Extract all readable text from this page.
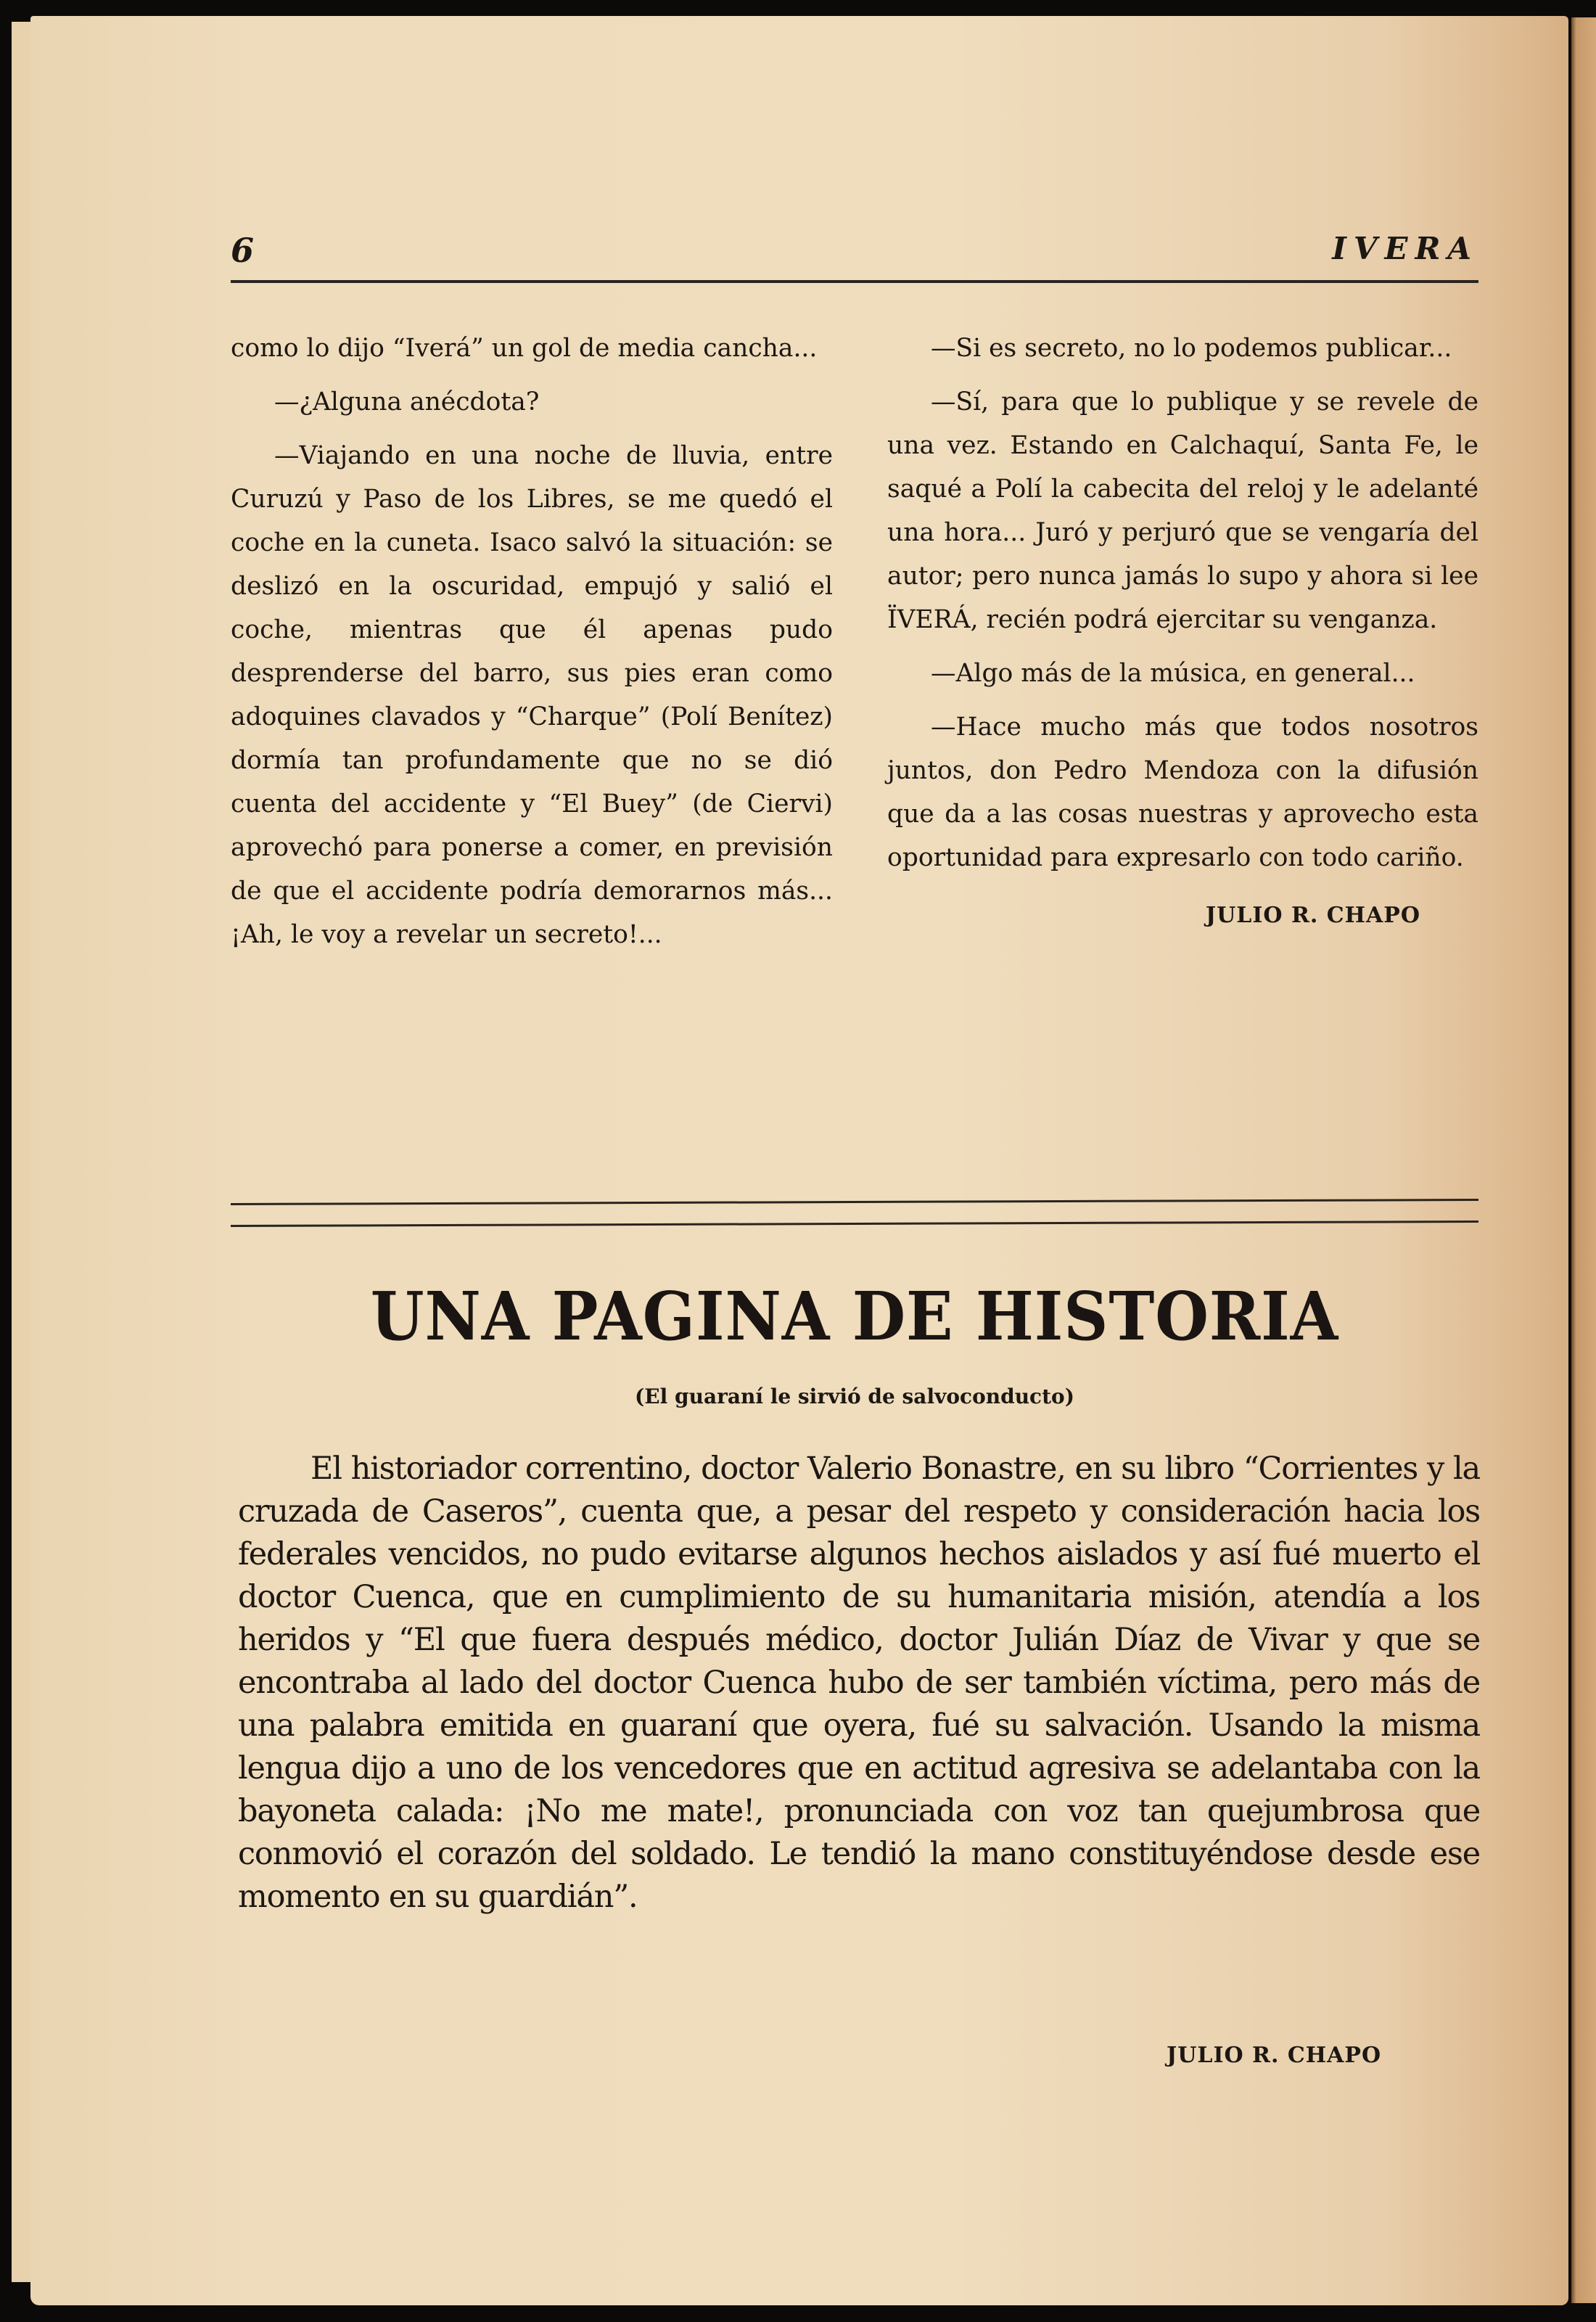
6	IVERA

como lo dijo “Iverá” un gol de media cancha...

—¿Alguna anécdota?

—Viajando en una noche de lluvia, entre Curuzú y Paso de los Libres, se me quedó el coche en la cuneta. Isaco salvó la situación: se deslizó en la oscuridad, empujó y salió el coche, mientras que él apenas pudo desprenderse del barro, sus pies eran como adoquines clavados y “Charque” (Polí Benítez) dormía tan profundamente que no se dió cuenta del accidente y “El Buey” (de Ciervi) aprovechó para ponerse a comer, en previsión de que el accidente podría demorarnos más... ¡Ah, le voy a revelar un secreto!...

—Si es secreto, no lo podemos publicar...

—Sí, para que lo publique y se revele de una vez. Estando en Calchaquí, Santa Fe, le saqué a Polí la cabecita del reloj y le adelanté una hora... Juró y perjuró que se vengaría del autor; pero nunca jamás lo supo y ahora si lee ÏVERÁ, recién podrá ejercitar su venganza.

—Algo más de la música, en general...

—Hace mucho más que todos nosotros juntos, don Pedro Mendoza con la difusión que da a las cosas nuestras y aprovecho esta oportunidad para expresarlo con todo cariño.

JULIO R. CHAPO
UNA PAGINA DE HISTORIA
(El guaraní le sirvió de salvoconducto)

El historiador correntino, doctor Valerio Bonastre, en su libro “Corrientes y la cruzada de Caseros”, cuenta que, a pesar del respeto y consideración hacia los federales vencidos, no pudo evitarse algunos hechos aislados y así fué muerto el doctor Cuenca, que en cumplimiento de su humanitaria misión, atendía a los heridos y “El que fuera después médico, doctor Julián Díaz de Vivar y que se encontraba al lado del doctor Cuenca hubo de ser también víctima, pero más de una palabra emitida en guaraní que oyera, fué su salvación. Usando la misma lengua dijo a uno de los vencedores que en actitud agresiva se adelantaba con la bayoneta calada: ¡No me mate!, pronunciada con voz tan quejumbrosa que conmovió el corazón del soldado. Le tendió la mano constituyéndose desde ese momento en su guardián”.

JULIO R. CHAPO
